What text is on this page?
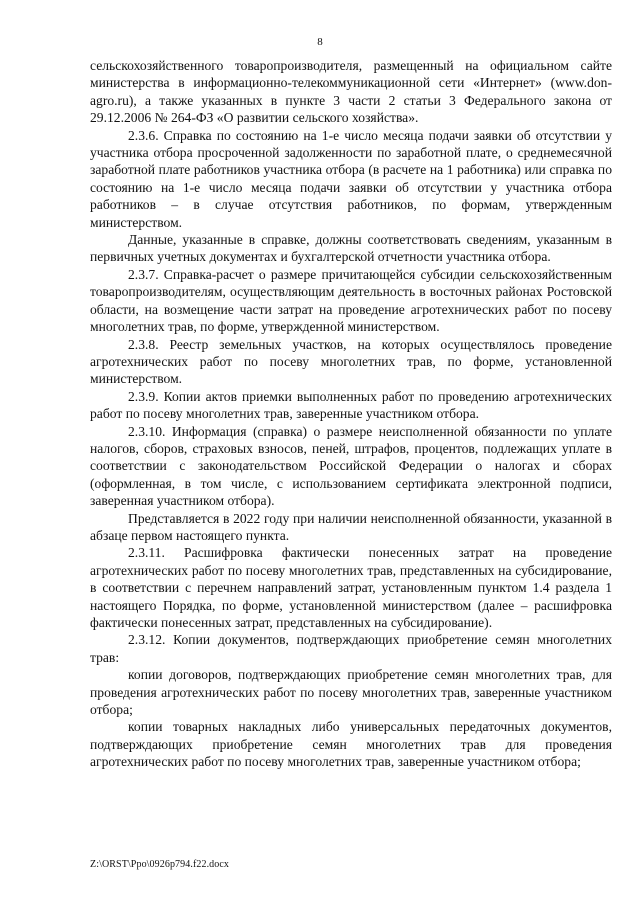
8

сельскохозяйственного товаропроизводителя, размещенный на официальном сайте министерства в информационно-телекоммуникационной сети «Интернет» (www.don-agro.ru), а также указанных в пункте 3 части 2 статьи 3 Федерального закона от 29.12.2006 № 264-ФЗ «О развитии сельского хозяйства».

2.3.6. Справка по состоянию на 1-е число месяца подачи заявки об отсутствии у участника отбора просроченной задолженности по заработной плате, о среднемесячной заработной плате работников участника отбора (в расчете на 1 работника) или справка по состоянию на 1-е число месяца подачи заявки об отсутствии у участника отбора работников – в случае отсутствия работников, по формам, утвержденным министерством.

Данные, указанные в справке, должны соответствовать сведениям, указанным в первичных учетных документах и бухгалтерской отчетности участника отбора.

2.3.7. Справка-расчет о размере причитающейся субсидии сельскохозяйственным товаропроизводителям, осуществляющим деятельность в восточных районах Ростовской области, на возмещение части затрат на проведение агротехнических работ по посеву многолетних трав, по форме, утвержденной министерством.

2.3.8. Реестр земельных участков, на которых осуществлялось проведение агротехнических работ по посеву многолетних трав, по форме, установленной министерством.

2.3.9. Копии актов приемки выполненных работ по проведению агротехнических работ по посеву многолетних трав, заверенные участником отбора.

2.3.10. Информация (справка) о размере неисполненной обязанности по уплате налогов, сборов, страховых взносов, пеней, штрафов, процентов, подлежащих уплате в соответствии с законодательством Российской Федерации о налогах и сборах (оформленная, в том числе, с использованием сертификата электронной подписи, заверенная участником отбора).

Представляется в 2022 году при наличии неисполненной обязанности, указанной в абзаце первом настоящего пункта.

2.3.11. Расшифровка фактически понесенных затрат на проведение агротехнических работ по посеву многолетних трав, представленных на субсидирование, в соответствии с перечнем направлений затрат, установленным пунктом 1.4 раздела 1 настоящего Порядка, по форме, установленной министерством (далее – расшифровка фактически понесенных затрат, представленных на субсидирование).

2.3.12. Копии документов, подтверждающих приобретение семян многолетних трав:

копии договоров, подтверждающих приобретение семян многолетних трав, для проведения агротехнических работ по посеву многолетних трав, заверенные участником отбора;

копии товарных накладных либо универсальных передаточных документов, подтверждающих приобретение семян многолетних трав для проведения агротехнических работ по посеву многолетних трав, заверенные участником отбора;

Z:\ORST\Ppo\0926p794.f22.docx
